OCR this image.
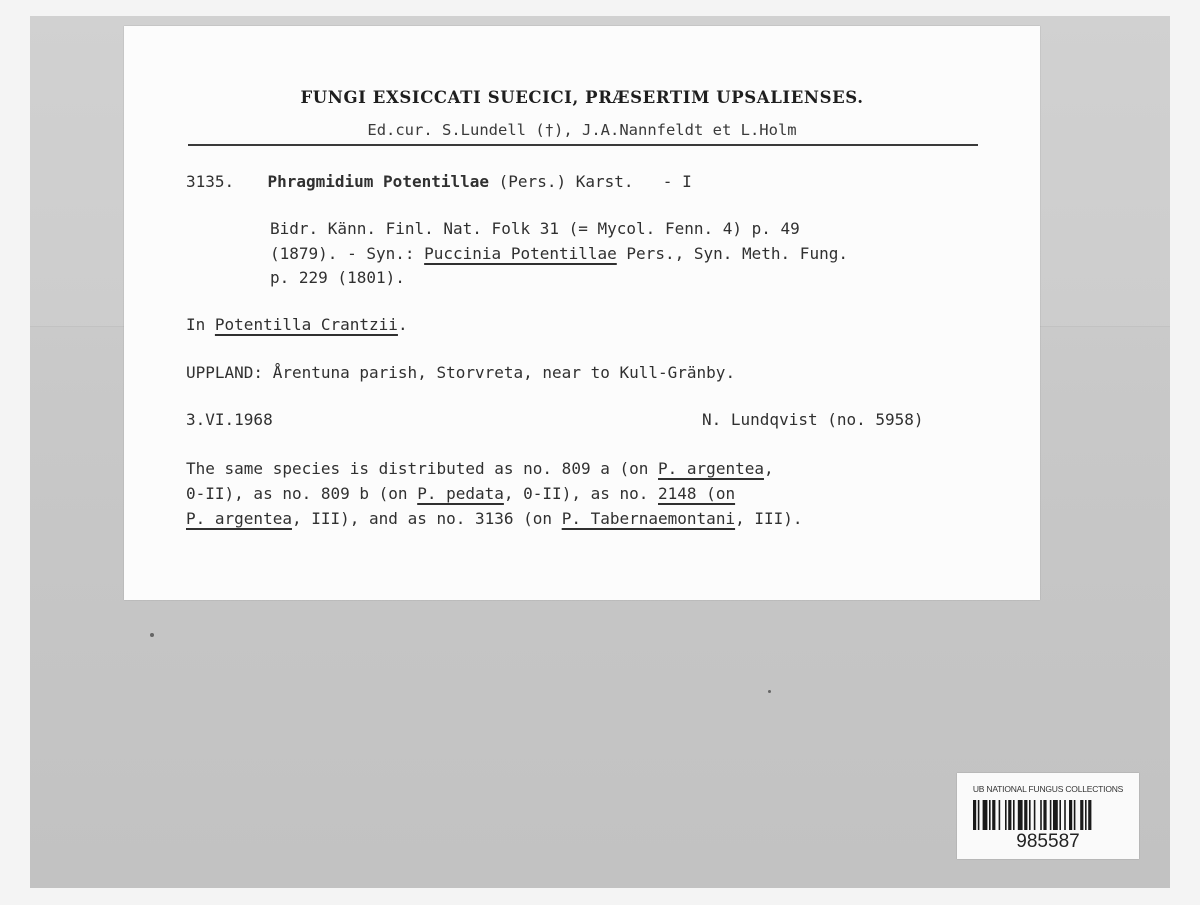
FUNGI EXSICCATI SUECICI, PRÆSERTIM UPSALIENSES.
Ed.cur. S.Lundell (†), J.A.Nannfeldt et L.Holm
3135. Phragmidium Potentillae (Pers.) Karst. - I
Bidr. Känn. Finl. Nat. Folk 31 (= Mycol. Fenn. 4) p. 49
(1879). - Syn.: Puccinia Potentillae Pers., Syn. Meth. Fung.
p. 229 (1801).
In Potentilla Crantzii.
UPPLAND: Årentuna parish, Storvreta, near to Kull-Gränby.
3.VI.1968	N. Lundqvist (no. 5958)
The same species is distributed as no. 809 a (on P. argentea,
0-II), as no. 809 b (on P. pedata, 0-II), as no. 2148 (on
P. argentea, III), and as no. 3136 (on P. Tabernaemontani, III).
UB NATIONAL FUNGUS COLLECTIONS
985587
